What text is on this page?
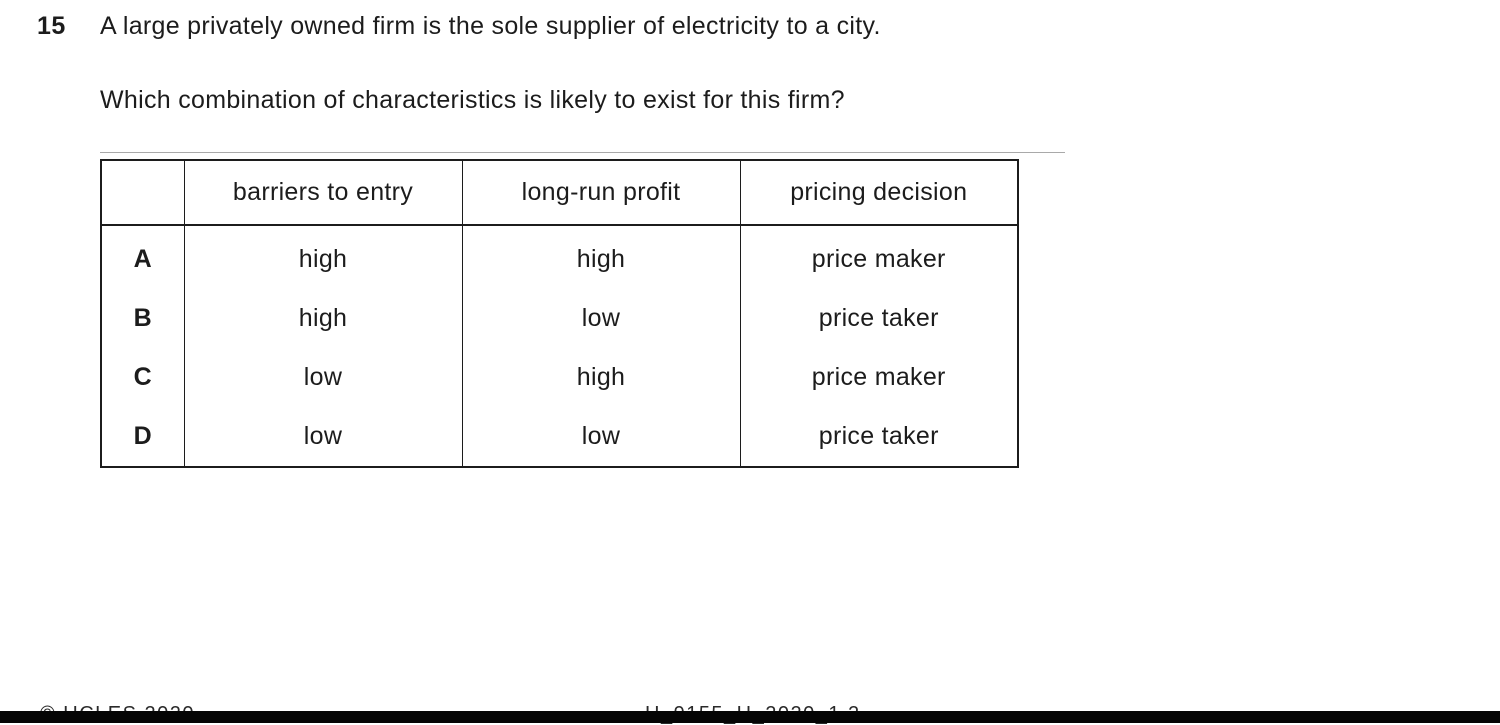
15 A large privately owned firm is the sole supplier of electricity to a city.
Which combination of characteristics is likely to exist for this firm?
	barriers to entry	long-run profit	pricing decision
A	high	high	price maker
B	high	low	price taker
C	low	high	price maker
D	low	low	price taker
